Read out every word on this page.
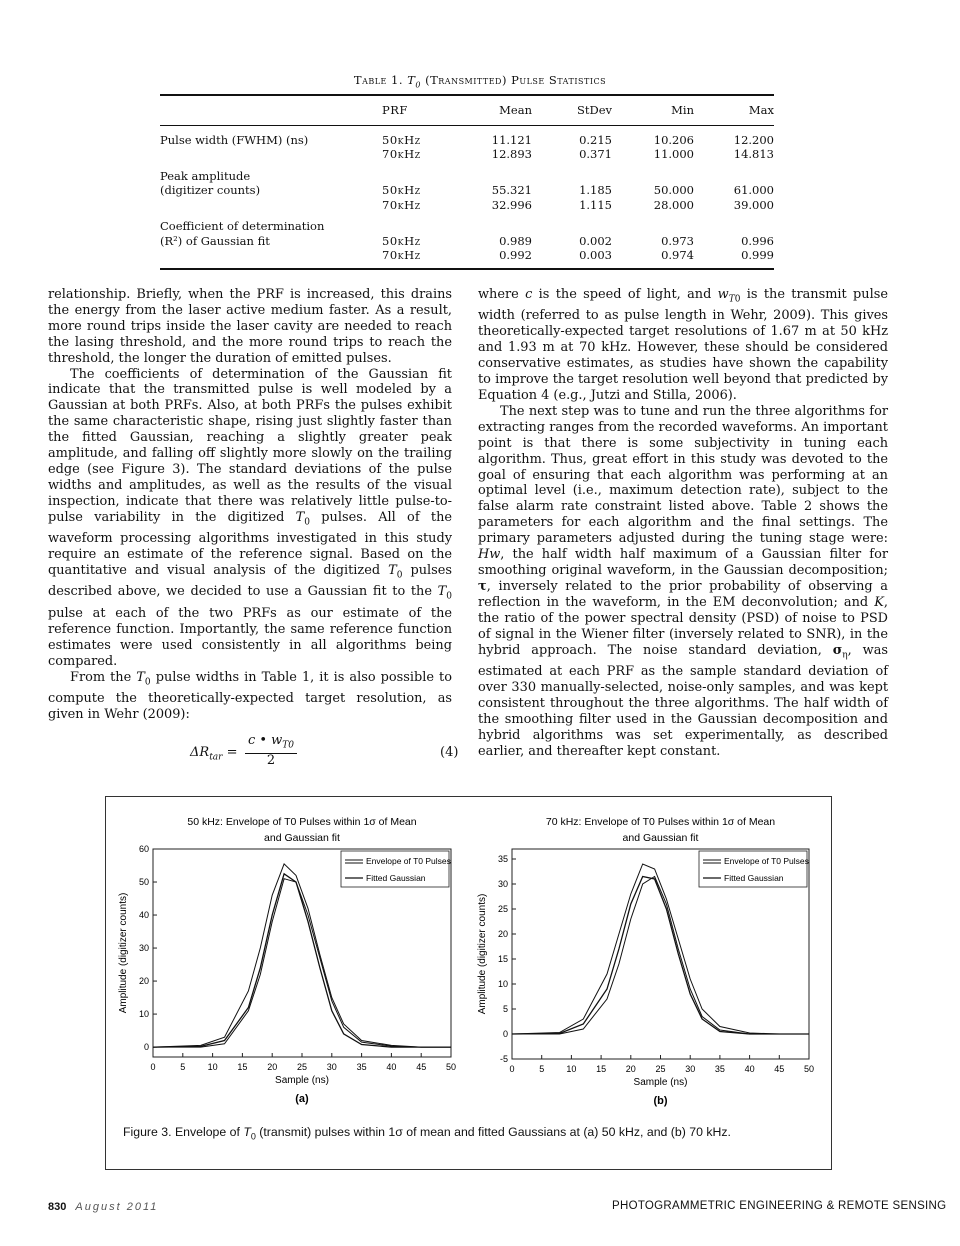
Table 1. $T_0$ (Transmitted) Pulse Statistics
	PRF	Mean	StDev	Min	Max
Pulse width (FWHM) (ns)	50kHz	11.121	0.215	10.206	12.200
	70kHz	12.893	0.371	11.000	14.813
Peak amplitude					
(digitizer counts)	50kHz	55.321	1.185	50.000	61.000
	70kHz	32.996	1.115	28.000	39.000
Coefficient of determination					
(R²) of Gaussian fit	50kHz	0.989	0.002	0.973	0.996
	70kHz	0.992	0.003	0.974	0.999

relationship. Briefly, when the PRF is increased, this drains the energy from the laser active medium faster. As a result, more round trips inside the laser cavity are needed to reach the lasing threshold, and the more round trips to reach the threshold, the longer the duration of emitted pulses.

The coefficients of determination of the Gaussian fit indicate that the transmitted pulse is well modeled by a Gaussian at both PRFs. Also, at both PRFs the pulses exhibit the same characteristic shape, rising just slightly faster than the fitted Gaussian, reaching a slightly greater peak amplitude, and falling off slightly more slowly on the trailing edge (see Figure 3). The standard deviations of the pulse widths and amplitudes, as well as the results of the visual inspection, indicate that there was relatively little pulse-to-pulse variability in the digitized $T_0$ pulses. All of the waveform processing algorithms investigated in this study require an estimate of the reference signal. Based on the quantitative and visual analysis of the digitized $T_0$ pulses described above, we decided to use a Gaussian fit to the $T_0$ pulse at each of the two PRFs as our estimate of the reference function. Importantly, the same reference function estimates were used consistently in all algorithms being compared.

From the $T_0$ pulse widths in Table 1, it is also possible to compute the theoretically-expected target resolution, as given in Wehr (2009):

$\Delta R_{tar}$ =
c • $w_{T0}$
2
(4)

where c is the speed of light, and $w_{T0}$ is the transmit pulse width (referred to as pulse length in Wehr, 2009). This gives theoretically-expected target resolutions of 1.67 m at 50 kHz and 1.93 m at 70 kHz. However, these should be considered conservative estimates, as studies have shown the capability to improve the target resolution well beyond that predicted by Equation 4 (e.g., Jutzi and Stilla, 2006).

The next step was to tune and run the three algorithms for extracting ranges from the recorded waveforms. An important point is that there is some subjectivity in tuning each algorithm. Thus, great effort in this study was devoted to the goal of ensuring that each algorithm was performing at an optimal level (i.e., maximum detection rate), subject to the false alarm rate constraint listed above. Table 2 shows the parameters for each algorithm and the final settings. The primary parameters adjusted during the tuning stage were: Hw, the half width half maximum of a Gaussian filter for smoothing original waveform, in the Gaussian decomposition; τ, inversely related to the prior probability of observing a reflection in the waveform, in the EM deconvolution; and K, the ratio of the power spectral density (PSD) of noise to PSD of signal in the Wiener filter (inversely related to SNR), in the hybrid approach. The noise standard deviation, $\sigma_\eta$, was estimated at each PRF as the sample standard deviation of over 330 manually-selected, noise-only samples, and was kept consistent throughout the three algorithms. The half width of the smoothing filter used in the Gaussian decomposition and hybrid algorithms was set experimentally, as described earlier, and thereafter kept constant.

50 kHz: Envelope of T0 Pulses within 1σ of Mean
and Gaussian fit
0	5 10 15 20 25 30 35 40 45 50
0
10
20
30
40
50
60
Sample (ns)
Amplitude (digitizer counts)
(a)
Envelope of T0 Pulses
Fitted Gaussian
70 kHz: Envelope of T0 Pulses within 1σ of Mean
and Gaussian fit
0	5 10 15 20 25 30 35 40 45 50
-5
0
5
10
15
20
25
30
35
Sample (ns)
Amplitude (digitizer counts)
(b)
Envelope of T0 Pulses
Fitted Gaussian
Figure 3. Envelope of $T_0$ (transmit) pulses within 1σ of mean and fitted Gaussians at (a) 50 kHz, and (b) 70 kHz.
830 August 2011	PHOTOGRAMMETRIC ENGINEERING & REMOTE SENSING
